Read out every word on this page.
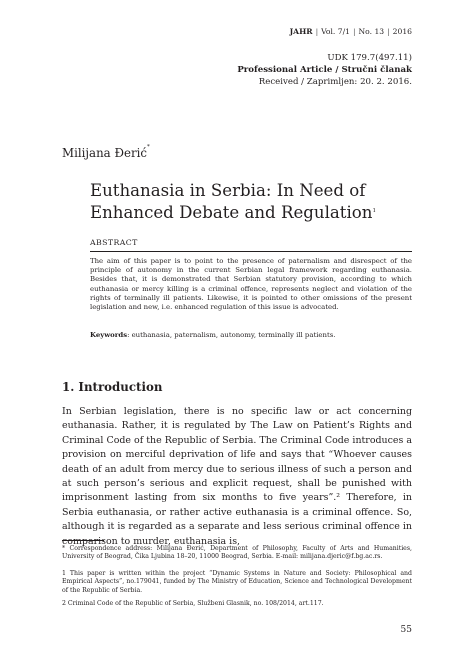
JAHR | Vol. 7/1 | No. 13 | 2016
UDK 179.7(497.11)
Professional Article / Stručni članak
Received / Zaprimljen: 20. 2. 2016.
Milijana Đerić*
Euthanasia in Serbia: In Need of
Enhanced Debate and Regulation$^1$
ABSTRACT
The aim of this paper is to point to the presence of paternalism and disrespect of the principle of autonomy in the current Serbian legal framework regarding euthanasia. Besides that, it is demonstrated that Serbian statutory provision, according to which euthanasia or mercy killing is a criminal offence, represents neglect and violation of the rights of terminally ill patients. Likewise, it is pointed to other omissions of the present legislation and new, i.e. enhanced regulation of this issue is advocated.
Keywords: euthanasia, paternalism, autonomy, terminally ill patients.
1. Introduction
In Serbian legislation, there is no specific law or act concerning euthanasia. Rather, it is regulated by The Law on Patient’s Rights and Criminal Code of the Republic of Serbia. The Criminal Code introduces a provision on merciful deprivation of life and says that “Whoever causes death of an adult from mercy due to serious illness of such a person and at such person’s serious and explicit request, shall be punished with imprisonment lasting from six months to five years”.² Therefore, in Serbia euthanasia, or rather active euthanasia is a criminal offence. So, although it is regarded as a separate and less serious criminal offence in comparison to murder, euthanasia is,
* Correspondence address: Milijana Đerić, Department of Philosophy, Faculty of Arts and Humanities, University of Beograd, Čika Ljubina 18–20, 11000 Beograd, Serbia. E-mail: milijana.djeric@f.bg.ac.rs.
1 This paper is written within the project “Dynamic Systems in Nature and Society: Philosophical and Empirical Aspects”, no.179041, funded by The Ministry of Education, Science and Technological Development of the Republic of Serbia.
2 Criminal Code of the Republic of Serbia, Službeni Glasnik, no. 108/2014, art.117.
55
